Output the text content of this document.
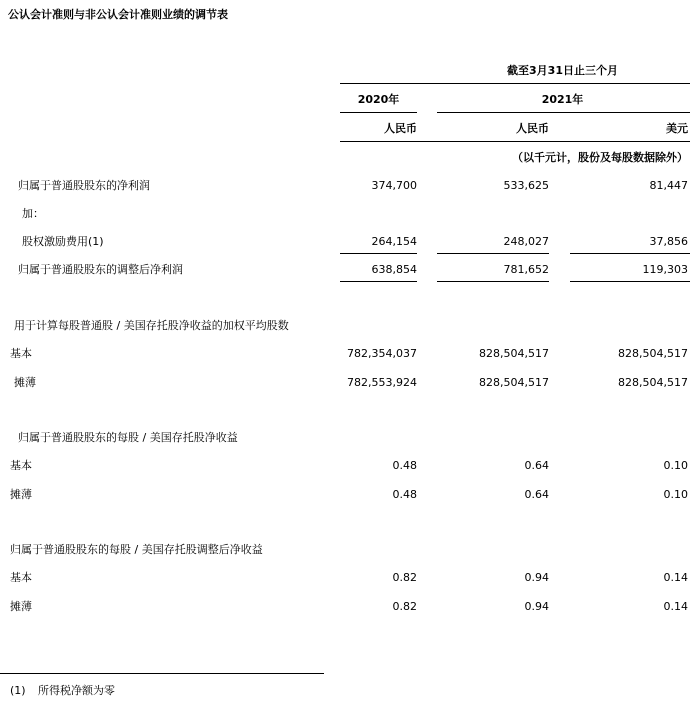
公认会计准则与非公认会计准则业绩的调节表
截至3月31日止三个月
2020年	2021年
人民币	人民币	美元
（以千元计，股份及每股数据除外）
归属于普通股股东的净利润	374,700	533,625	81,447
加：
股权激励费用(1)	264,154	248,027	37,856
归属于普通股股东的调整后净利润	638,854	781,652	119,303
用于计算每股普通股 / 美国存托股净收益的加权平均股数
基本	782,354,037	828,504,517	828,504,517
摊薄	782,553,924	828,504,517	828,504,517
归属于普通股股东的每股 / 美国存托股净收益
基本	0.48	0.64	0.10
摊薄	0.48	0.64	0.10
归属于普通股股东的每股 / 美国存托股调整后净收益
基本	0.82	0.94	0.14
摊薄	0.82	0.94	0.14
(1) 所得税净额为零
